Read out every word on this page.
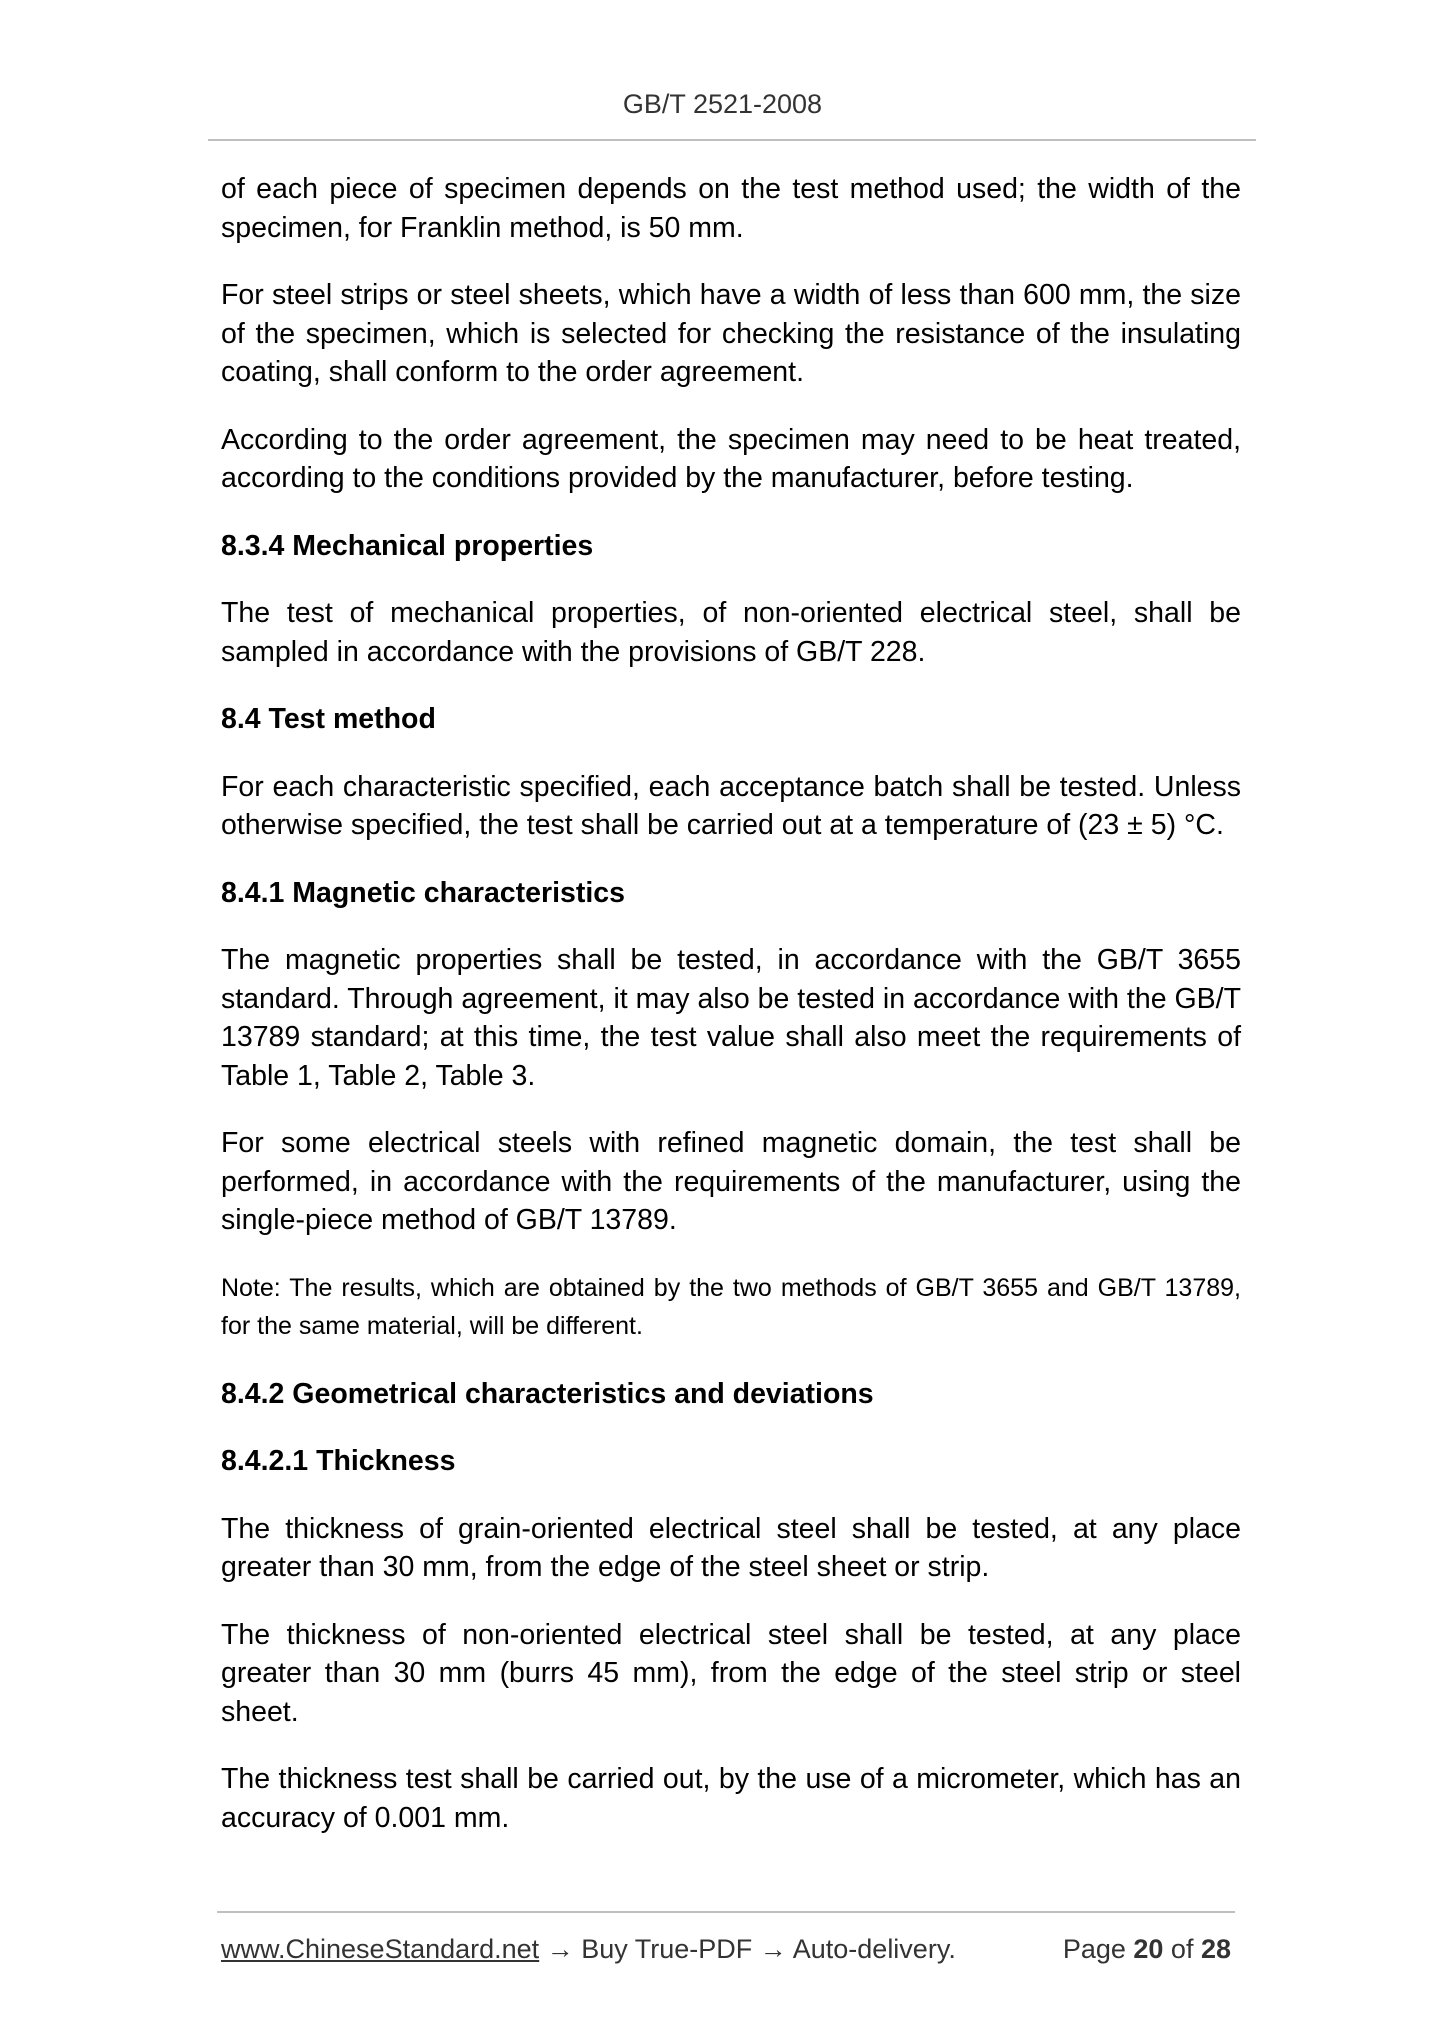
GB/T 2521-2008

of each piece of specimen depends on the test method used; the width of the specimen, for Franklin method, is 50 mm.

For steel strips or steel sheets, which have a width of less than 600 mm, the size of the specimen, which is selected for checking the resistance of the insulating coating, shall conform to the order agreement.

According to the order agreement, the specimen may need to be heat treated, according to the conditions provided by the manufacturer, before testing.

8.3.4 Mechanical properties

The test of mechanical properties, of non-oriented electrical steel, shall be sampled in accordance with the provisions of GB/T 228.

8.4 Test method

For each characteristic specified, each acceptance batch shall be tested. Unless otherwise specified, the test shall be carried out at a temperature of (23 ± 5) °C.

8.4.1 Magnetic characteristics

The magnetic properties shall be tested, in accordance with the GB/T 3655 standard. Through agreement, it may also be tested in accordance with the GB/T 13789 standard; at this time, the test value shall also meet the requirements of Table 1, Table 2, Table 3.

For some electrical steels with refined magnetic domain, the test shall be performed, in accordance with the requirements of the manufacturer, using the single-piece method of GB/T 13789.

Note: The results, which are obtained by the two methods of GB/T 3655 and GB/T 13789, for the same material, will be different.

8.4.2 Geometrical characteristics and deviations
8.4.2.1 Thickness

The thickness of grain-oriented electrical steel shall be tested, at any place greater than 30 mm, from the edge of the steel sheet or strip.

The thickness of non-oriented electrical steel shall be tested, at any place greater than 30 mm (burrs 45 mm), from the edge of the steel strip or steel sheet.

The thickness test shall be carried out, by the use of a micrometer, which has an accuracy of 0.001 mm.

www.ChineseStandard.net → Buy True-PDF → Auto-delivery.	Page 20 of 28
